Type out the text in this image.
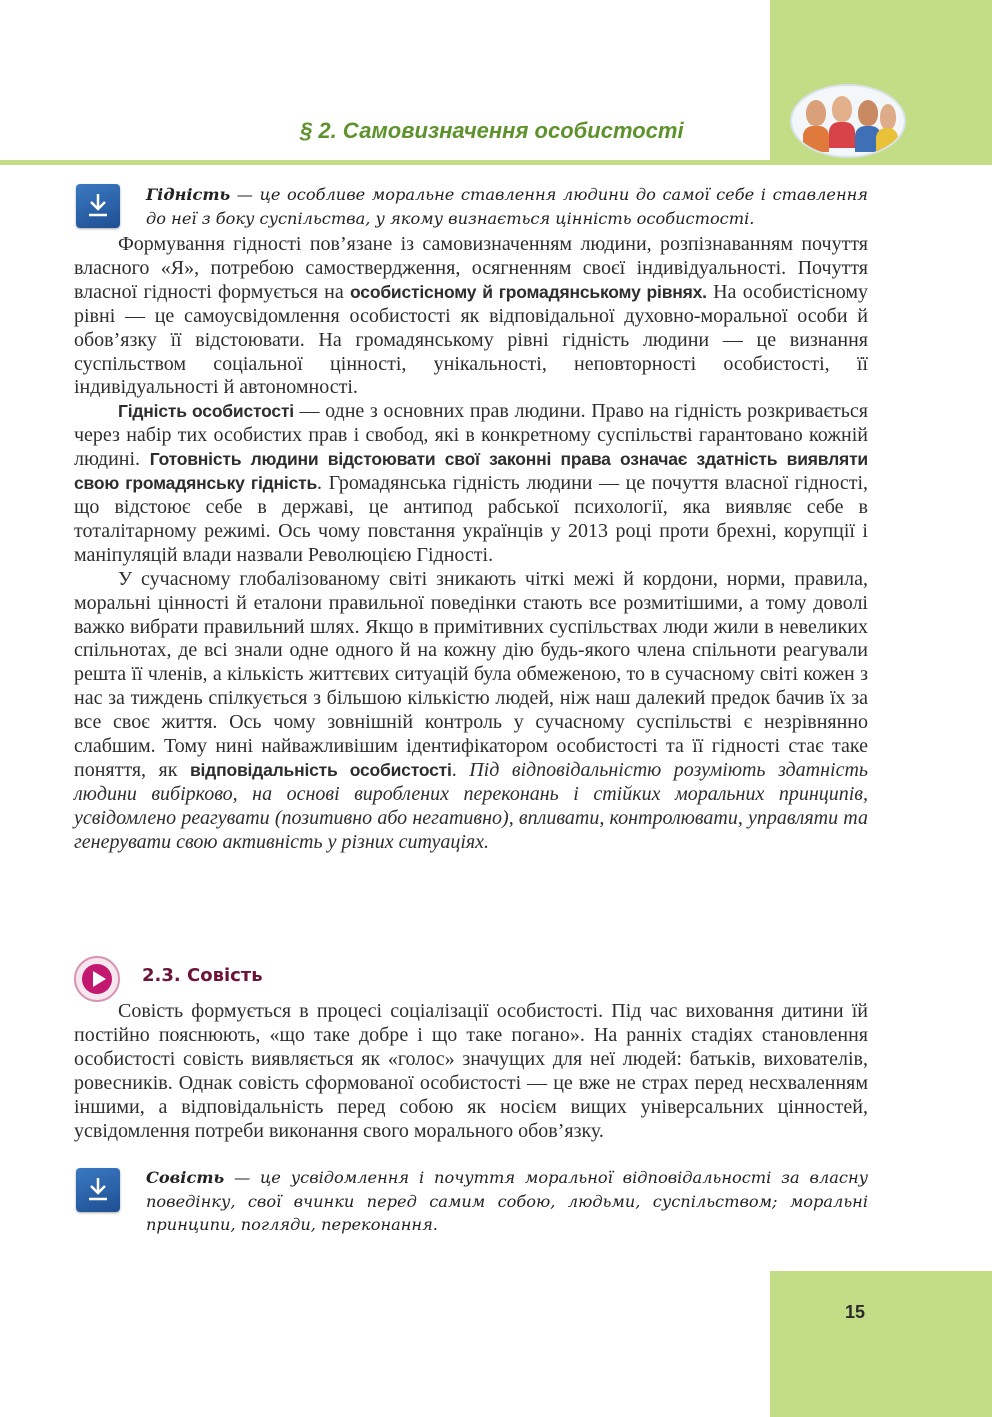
§ 2. Самовизначення особистості
Гідність — це особливе моральне ставлення людини до самої себе і ставлення до неї з боку суспільства, у якому визнається цінність особистості.

Формування гідності пов’язане із самовизначенням людини, розпізнаванням почуття власного «Я», потребою самоствердження, осягненням своєї індивідуальності. Почуття власної гідності формується на особистісному й громадянському рівнях. На особистісному рівні — це самоусвідомлення особистості як відповідальної духовно-моральної особи й обов’язку її відстоювати. На громадянському рівні гідність людини — це визнання суспільством соціальної цінності, унікальності, неповторності особистості, її індивідуальності й автономності.

Гідність особистості — одне з основних прав людини. Право на гідність розкривається через набір тих особистих прав і свобод, які в конкретному суспільстві гарантовано кожній людині. Готовність людини відстоювати свої законні права означає здатність виявляти свою громадянську гідність. Громадянська гідність людини — це почуття власної гідності, що відстоює себе в державі, це антипод рабської психології, яка виявляє себе в тоталітарному режимі. Ось чому повстання українців у 2013 році проти брехні, корупції і маніпуляцій влади назвали Революцією Гідності.

У сучасному глобалізованому світі зникають чіткі межі й кордони, норми, правила, моральні цінності й еталони правильної поведінки стають все розмитішими, а тому доволі важко вибрати правильний шлях. Якщо в примітивних суспільствах люди жили в невеликих спільнотах, де всі знали одне одного й на кожну дію будь-якого члена спільноти реагували решта її членів, а кількість життєвих ситуацій була обмеженою, то в сучасному світі кожен з нас за тиждень спілкується з більшою кількістю людей, ніж наш далекий предок бачив їх за все своє життя. Ось чому зовнішній контроль у сучасному суспільстві є незрівнянно слабшим. Тому нині найважливішим ідентифікатором особистості та її гідності стає таке поняття, як відповідальність особистості. Під відповідальністю розуміють здатність людини вибірково, на основі вироблених переконань і стійких моральних принципів, усвідомлено реагувати (позитивно або негативно), впливати, контролювати, управляти та генерувати свою активність у різних ситуаціях.

2.3. Совість

Совість формується в процесі соціалізації особистості. Під час виховання дитини їй постійно пояснюють, «що таке добре і що таке погано». На ранніх стадіях становлення особистості совість виявляється як «голос» значущих для неї людей: батьків, вихователів, ровесників. Однак совість сформованої особистості — це вже не страх перед несхваленням іншими, а відповідальність перед собою як носієм вищих універсальних цінностей, усвідомлення потреби виконання свого морального обов’язку.

Совість — це усвідомлення і почуття моральної відповідальності за власну поведінку, свої вчинки перед самим собою, людьми, суспільством; моральні принципи, погляди, переконання.
15
